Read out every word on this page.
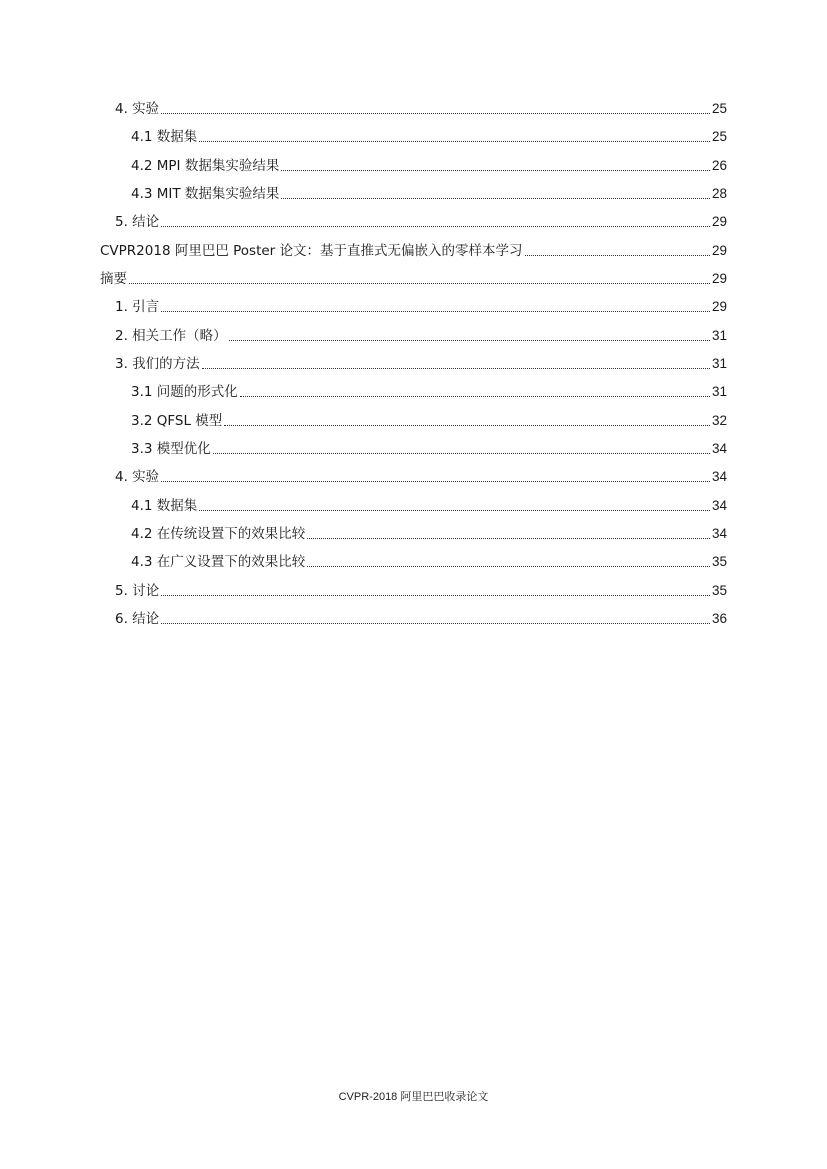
4. 实验	25
4.1 数据集	25
4.2 MPI 数据集实验结果	26
4.3 MIT 数据集实验结果	28
5. 结论	29
CVPR2018 阿里巴巴 Poster 论文：基于直推式无偏嵌入的零样本学习	29
摘要	29
1. 引言	29
2. 相关工作（略）	31
3. 我们的方法	31
3.1 问题的形式化	31
3.2 QFSL 模型	32
3.3 模型优化	34
4. 实验	34
4.1 数据集	34
4.2 在传统设置下的效果比较	34
4.3 在广义设置下的效果比较	35
5. 讨论	35
6. 结论	36
CVPR-2018 阿里巴巴收录论文
